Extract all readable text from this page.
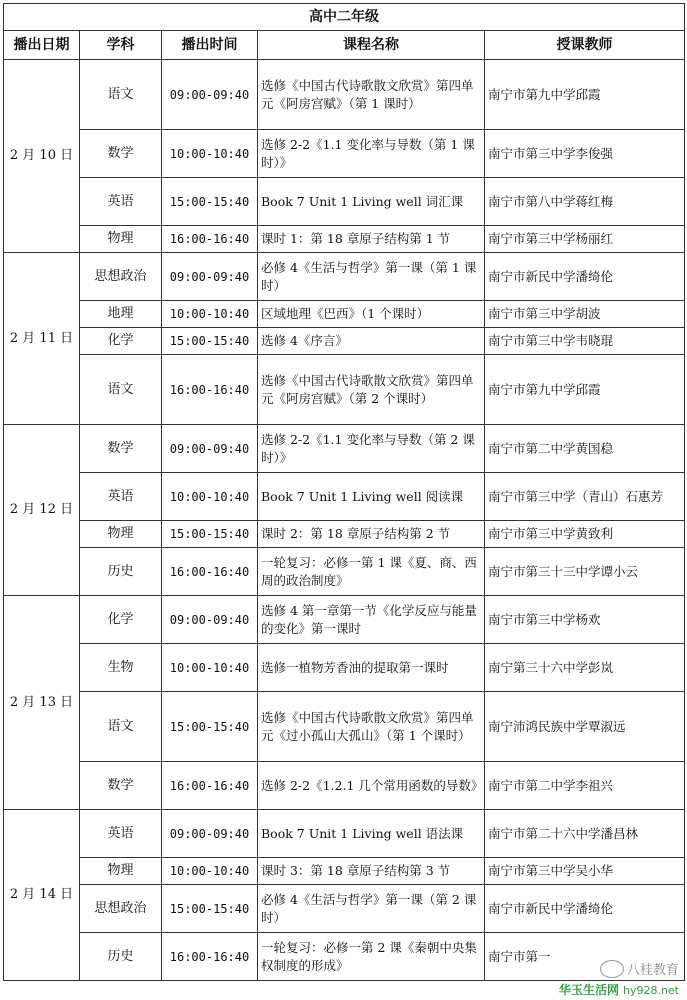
高中二年级				
播出日期	学科	播出时间	课程名称	授课教师
2 月 10 日	语文	09:00-09:40	选修《中国古代诗歌散文欣赏》第四单元《阿房宫赋》（第 1 课时）	南宁市第九中学邱霞
	数学	10:00-10:40	选修 2-2《1.1 变化率与导数（第 1 课时）》	南宁市第三中学李俊强
	英语	15:00-15:40	Book 7 Unit 1 Living well 词汇课	南宁市第八中学蒋红梅
	物理	16:00-16:40	课时 1：第 18 章原子结构第 1 节	南宁市第三中学杨丽红
2 月 11 日	思想政治	09:00-09:40	必修 4《生活与哲学》第一课（第 1 课时）	南宁市新民中学潘绮伦
	地理	10:00-10:40	区域地理《巴西》（1 个课时）	南宁市第三中学胡波
	化学	15:00-15:40	选修 4《序言》	南宁市第三中学韦晓琨
	语文	16:00-16:40	选修《中国古代诗歌散文欣赏》第四单元《阿房宫赋》（第 2 个课时）	南宁市第九中学邱霞
2 月 12 日	数学	09:00-09:40	选修 2-2《1.1 变化率与导数（第 2 课时）》	南宁市第二中学黄国稳
	英语	10:00-10:40	Book 7 Unit 1 Living well 阅读课	南宁市第三中学（青山）石惠芳
	物理	15:00-15:40	课时 2：第 18 章原子结构第 2 节	南宁市第三中学黄致利
	历史	16:00-16:40	一轮复习：必修一第 1 课《夏、商、西周的政治制度》	南宁市第三十三中学谭小云
2 月 13 日	化学	09:00-09:40	选修 4 第一章第一节《化学反应与能量的变化》第一课时	南宁市第三中学杨欢
	生物	10:00-10:40	选修一植物芳香油的提取第一课时	南宁第三十六中学彭岚
	语文	15:00-15:40	选修《中国古代诗歌散文欣赏》第四单元《过小孤山大孤山》（第 1 个课时）	南宁沛鸿民族中学覃淑远
	数学	16:00-16:40	选修 2-2《1.2.1 几个常用函数的导数》	南宁市第二中学李祖兴
2 月 14 日	英语	09:00-09:40	Book 7 Unit 1 Living well 语法课	南宁市第二十六中学潘昌林
	物理	10:00-10:40	课时 3：第 18 章原子结构第 3 节	南宁市第三中学吴小华
	思想政治	15:00-15:40	必修 4《生活与哲学》第一课（第 2 课时）	南宁市新民中学潘绮伦
	历史	16:00-16:40	一轮复习：必修一第 2 课《秦朝中央集权制度的形成》	南宁市第一
八桂教育
华玉生活网 hy928.net
